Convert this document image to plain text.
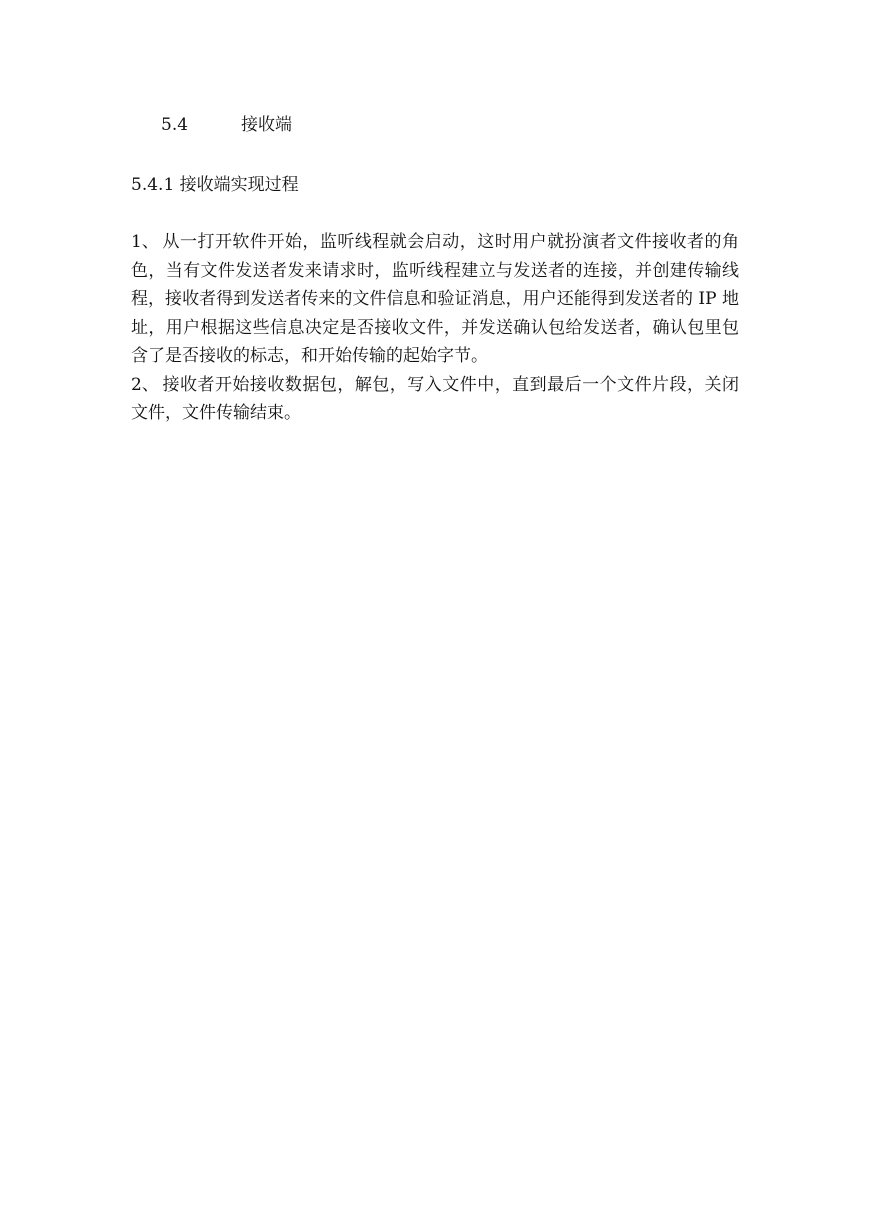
5.4	接收端
5.4.1 接收端实现过程

1、 从一打开软件开始，监听线程就会启动，这时用户就扮演者文件接收者的角色，当有文件发送者发来请求时，监听线程建立与发送者的连接，并创建传输线程，接收者得到发送者传来的文件信息和验证消息，用户还能得到发送者的 IP 地址，用户根据这些信息决定是否接收文件，并发送确认包给发送者，确认包里包含了是否接收的标志，和开始传输的起始字节。

2、 接收者开始接收数据包，解包，写入文件中，直到最后一个文件片段，关闭文件，文件传输结束。
